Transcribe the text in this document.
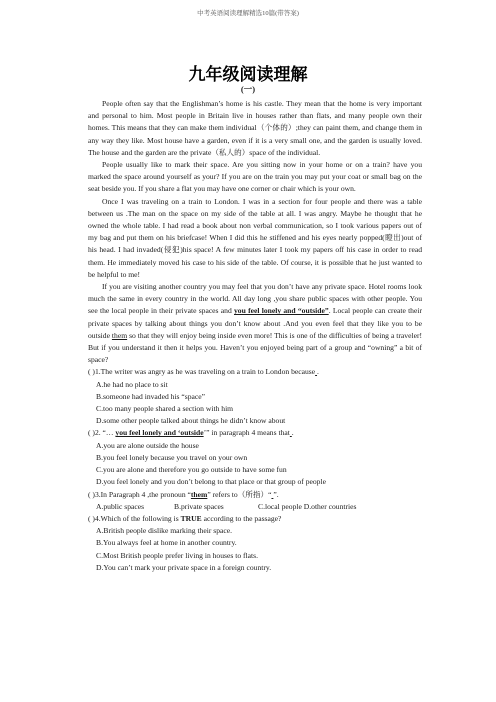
中考英语阅读理解精选10篇(带答案)
九年级阅读理解
(一)

People often say that the Englishman’s home is his castle. They mean that the home is very important and personal to him. Most people in Britain live in houses rather than flats, and many people own their homes. This means that they can make them individual（个体的）;they can paint them, and change them in any way they like. Most house have a garden, even if it is a very small one, and the garden is usually loved. The house and the garden are the private（私人的）space of the individual.

People usually like to mark their space. Are you sitting now in your home or on a train? have you marked the space around yourself as your? If you are on the train you may put your coat or small bag on the seat beside you. If you share a flat you may have one corner or chair which is your own.

Once I was traveling on a train to London. I was in a section for four people and there was a table between us .The man on the space on my side of the table at all. I was angry. Maybe he thought that he owned the whole table. I had read a book about non verbal communication, so I took various papers out of my bag and put them on his briefcase! When I did this he stiffened and his eyes nearly popped(瞪出)out of his head. I had invaded(侵犯)his space! A few minutes later I took my papers off his case in order to read them. He immediately moved his case to his side of the table. Of course, it is possible that he just wanted to be helpful to me!

If you are visiting another country you may feel that you don’t have any private space. Hotel rooms look much the same in every country in the world. All day long ,you share public spaces with other people. You see the local people in their private spaces and you feel lonely and “outside”. Local people can create their private spaces by talking about things you don’t know about .And you even feel that they like you to be outside them so that they will enjoy being inside even more! This is one of the difficulties of being a traveler! But if you understand it then it helps you. Haven’t you enjoyed being part of a group and “owning” a bit of space?

( )1.The writer was angry as he was traveling on a train to London because .

A.he had no place to sit

B.someone had invaded his “space”

C.too many people shared a section with him

D.some other people talked about things he didn’t know about

( )2. “… you feel lonely and ‘outside’” in paragraph 4 means that .

A.you are alone outside the house

B.you feel lonely because you travel on your own

C.you are alone and therefore you go outside to have some fun

D.you feel lonely and you don’t belong to that place or that group of people

( )3.In Paragraph 4 ,the pronoun “them” refers to（所指）“ ”.

A.public spaces	B.private spaces	C.local people D.other countries

( )4.Which of the following is TRUE according to the passage?

A.British people dislike marking their space.

B.You always feel at home in another country.

C.Most British people prefer living in houses to flats.

D.You can’t mark your private space in a foreign country.
